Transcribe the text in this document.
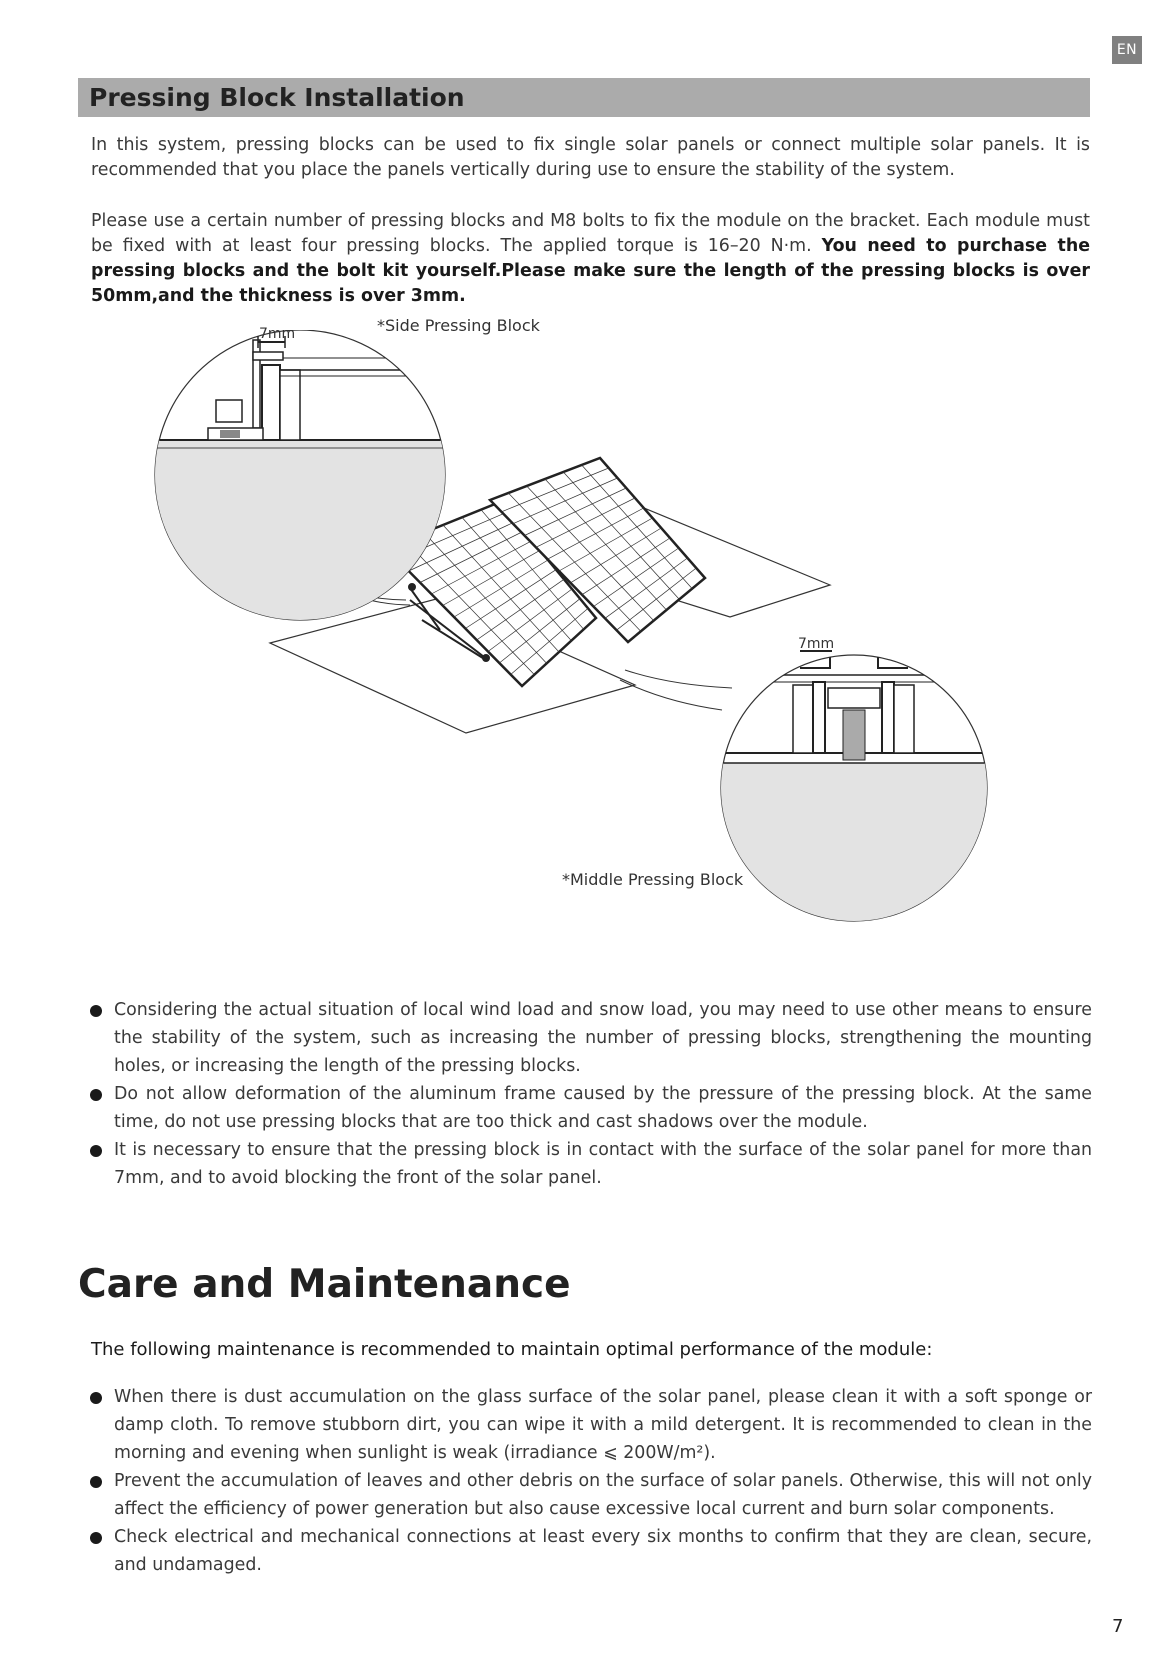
EN
Pressing Block Installation

In this system, pressing blocks can be used to fix single solar panels or connect multiple solar panels. It is recommended that you place the panels vertically during use to ensure the stability of the system.

Please use a certain number of pressing blocks and M8 bolts to fix the module on the bracket. Each module must be fixed with at least four pressing blocks. The applied torque is 16–20 N·m. You need to purchase the pressing blocks and the bolt kit yourself.Please make sure the length of the pressing blocks is over 50mm,and the thickness is over 3mm.

*Side Pressing Block
*Middle Pressing Block
7mm
7mm
Considering the actual situation of local wind load and snow load, you may need to use other means to ensure the stability of the system, such as increasing the number of pressing blocks, strengthening the mounting holes, or increasing the length of the pressing blocks.
Do not allow deformation of the aluminum frame caused by the pressure of the pressing block. At the same time, do not use pressing blocks that are too thick and cast shadows over the module.
It is necessary to ensure that the pressing block is in contact with the surface of the solar panel for more than 7mm, and to avoid blocking the front of the solar panel.
Care and Maintenance

The following maintenance is recommended to maintain optimal performance of the module:

When there is dust accumulation on the glass surface of the solar panel, please clean it with a soft sponge or damp cloth. To remove stubborn dirt, you can wipe it with a mild detergent. It is recommended to clean in the morning and evening when sunlight is weak (irradiance ⩽ 200W/m²).
Prevent the accumulation of leaves and other debris on the surface of solar panels. Otherwise, this will not only affect the efficiency of power generation but also cause excessive local current and burn solar components.
Check electrical and mechanical connections at least every six months to confirm that they are clean, secure, and undamaged.
7
